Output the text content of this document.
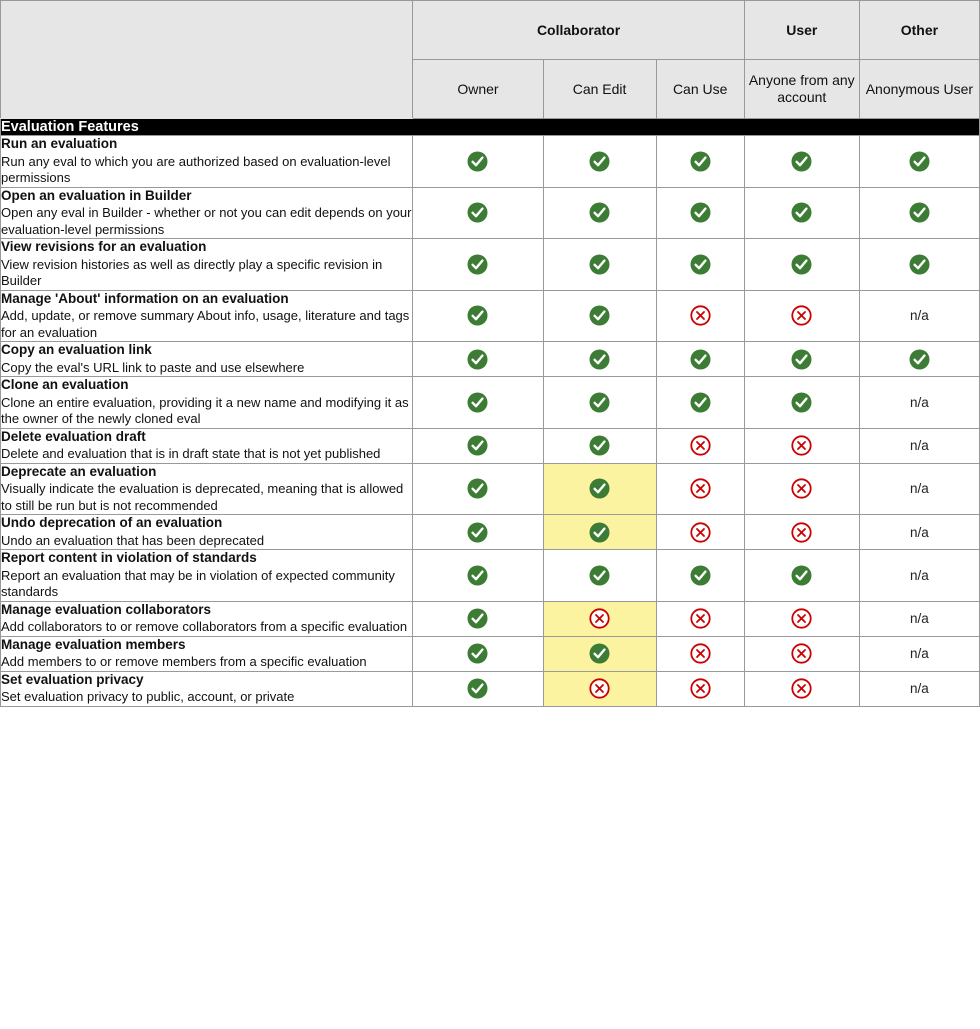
	Collaborator			User	Other
	Owner	Can Edit	Can Use	Anyone from any account	Anonymous User
Evaluation Features					

Run an evaluation
Run any eval to which you are authorized based on evaluation-level permissions

Open an evaluation in Builder
Open any eval in Builder - whether or not you can edit depends on your evaluation-level permissions

View revisions for an evaluation
View revision histories as well as directly play a specific revision in Builder

Manage 'About' information on an evaluation
Add, update, or remove summary About info, usage, literature and tags for an evaluation					n/a

Copy an evaluation link
Copy the eval's URL link to paste and use elsewhere

Clone an evaluation
Clone an entire evaluation, providing it a new name and modifying it as the owner of the newly cloned eval					n/a

Delete evaluation draft
Delete and evaluation that is in draft state that is not yet published					n/a

Deprecate an evaluation
Visually indicate the evaluation is deprecated, meaning that is allowed to still be run but is not recommended					n/a

Undo deprecation of an evaluation
Undo an evaluation that has been deprecated					n/a

Report content in violation of standards
Report an evaluation that may be in violation of expected community standards					n/a

Manage evaluation collaborators
Add collaborators to or remove collaborators from a specific evaluation					n/a

Manage evaluation members
Add members to or remove members from a specific evaluation					n/a

Set evaluation privacy
Set evaluation privacy to public, account, or private					n/a
